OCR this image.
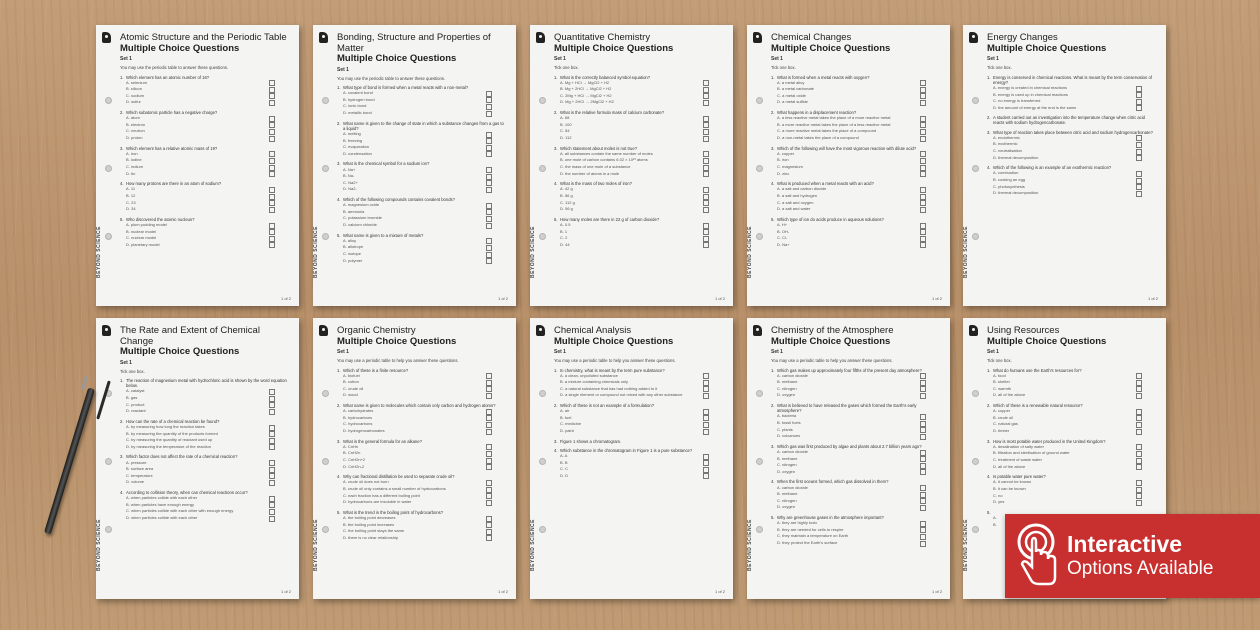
BEYOND SCIENCE
Atomic Structure and the Periodic Table
Multiple Choice Questions
Set 1
You may use the periodic table to answer these questions.
1. Which element has an atomic number of 16?
A. selenium
B. silicon
C. sodium
D. sulfur
2. Which subatomic particle has a negative charge?
A. atom
B. electron
C. neutron
D. proton
3. Which element has a relative atomic mass of 19?
A. iron
B. iodine
C. indium
D. tin
4. How many protons are there in an atom of sodium?
A. 11
B. 12
C. 23
D. 34
5. Who discovered the atomic nucleus?
A. plum pudding model
B. nuclear model
C. nuclear model
D. planetary model
1 of 2
BEYOND SCIENCE
Bonding, Structure and Properties of Matter
Multiple Choice Questions
Set 1
You may use the periodic table to answer these questions.
1. What type of bond is formed when a metal reacts with a non-metal?
A. covalent bond
B. hydrogen bond
C. ionic bond
D. metallic bond
2. What name is given to the change of state in which a substance changes from a gas to a liquid?
A. melting
B. freezing
C. evaporation
D. condensation
3. What is the chemical symbol for a sodium ion?
A. Na+
B. Na-
C. Na2+
D. Na2-
4. Which of the following compounds contains covalent bonds?
A. magnesium oxide
B. ammonia
C. potassium bromide
D. calcium chloride
5. What name is given to a mixture of metals?
A. alloy
B. allotrope
C. isotope
D. polymer
1 of 2
BEYOND SCIENCE
Quantitative Chemistry
Multiple Choice Questions
Set 1
Tick one box.
1. What is the correctly balanced symbol equation?
A. Mg + HCl → MgCl2 + H2
B. Mg + 2HCl → MgCl2 + H2
C. 2Mg + HCl → MgCl2 + H2
D. Mg + 2HCl → 2MgCl2 + H2
2. What is the relative formula mass of calcium carbonate?
A. 68
B. 100
C. 84
D. 112
3. Which statement about moles is not true?
A. all substances contain the same number of moles
B. one mole of carbon contains 6.02 × 10²³ atoms
C. the mass of one mole of a substance
D. the number of atoms in a mole
4. What is the mass of two moles of iron?
A. 42 g
B. 56 g
C. 112 g
D. 56 g
5. How many moles are there in 22 g of carbon dioxide?
A. 0.5
B. 1
C. 2
D. 44
1 of 2
BEYOND SCIENCE
Chemical Changes
Multiple Choice Questions
Set 1
Tick one box.
1. What is formed when a metal reacts with oxygen?
A. a metal alloy
B. a metal carbonate
C. a metal oxide
D. a metal sulfide
2. What happens in a displacement reaction?
A. a less reactive metal takes the place of a more reactive metal
B. a more reactive metal takes the place of a less reactive metal
C. a more reactive metal takes the place of a compound
D. a non-metal takes the place of a compound
3. Which of the following will have the most vigorous reaction with dilute acid?
A. copper
B. iron
C. magnesium
D. zinc
4. What is produced when a metal reacts with an acid?
A. a salt and carbon dioxide
B. a salt and hydrogen
C. a salt and oxygen
D. a salt and water
5. Which type of ion do acids produce in aqueous solutions?
A. H+
B. OH-
C. Cl-
D. Na+
1 of 2
BEYOND SCIENCE
Energy Changes
Multiple Choice Questions
Set 1
Tick one box.
1. Energy is conserved in chemical reactions. What is meant by the term conservation of energy?
A. energy is created in chemical reactions
B. energy is used up in chemical reactions
C. no energy is transferred
D. the amount of energy at the end is the same
2. A student carried out an investigation into the temperature change when citric acid reacts with sodium hydrogencarbonate.
3. What type of reaction takes place between citric acid and sodium hydrogencarbonate?
A. endothermic
B. exothermic
C. neutralisation
D. thermal decomposition
4. Which of the following is an example of an exothermic reaction?
A. combustion
B. cooking an egg
C. photosynthesis
D. thermal decomposition
1 of 2
BEYOND SCIENCE
The Rate and Extent of Chemical Change
Multiple Choice Questions
Set 1
Tick one box.
1. The reaction of magnesium metal with hydrochloric acid is shown by the word equation below.
A. catalyst
B. gas
C. product
D. reactant
2. How can the rate of a chemical reaction be found?
A. by measuring how long the reaction takes
B. by measuring the quantity of the products formed
C. by measuring the quantity of reactant used up
D. by measuring the temperature of the reaction
3. Which factor does not affect the rate of a chemical reaction?
A. pressure
B. surface area
C. temperature
D. volume
4. According to collision theory, when can chemical reactions occur?
A. when particles collide with each other
B. when particles have enough energy
C. when particles collide with each other with enough energy
D. when particles collide with each other
1 of 2
BEYOND SCIENCE
Organic Chemistry
Multiple Choice Questions
Set 1
You may use a periodic table to help you answer these questions.
1. Which of these is a finite resource?
A. biofuel
B. cotton
C. crude oil
D. wood
2. What name is given to molecules which contain only carbon and hydrogen atoms?
A. carbohydrates
B. hydrocarbons
C. hydrocarbons
D. hydrogencarbonates
3. What is the general formula for an alkane?
A. CnHn
B. CnH2n
C. CnH2n+2
D. CnH2n-2
4. Why can fractional distillation be used to separate crude oil?
A. crude oil does not burn
B. crude oil only contains a small number of hydrocarbons
C. each fraction has a different boiling point
D. hydrocarbons are insoluble in water
5. What is the trend in the boiling point of hydrocarbons?
A. the boiling point decreases
B. the boiling point increases
C. the boiling point stays the same
D. there is no clear relationship
1 of 2
BEYOND SCIENCE
Chemical Analysis
Multiple Choice Questions
Set 1
You may use a periodic table to help you answer these questions.
1. In chemistry, what is meant by the term pure substance?
A. a clean, unpolluted substance
B. a mixture containing chemicals only
C. a natural substance that has had nothing added to it
D. a single element or compound not mixed with any other substance
2. Which of these is not an example of a formulation?
A. air
B. fuel
C. medicine
D. paint
3. Figure 1 shows a chromatogram.
4. Which substance in the chromatogram in Figure 1 is a pure substance?
A. A
B. B
C. C
D. D
1 of 2
BEYOND SCIENCE
Chemistry of the Atmosphere
Multiple Choice Questions
Set 1
You may use a periodic table to help you answer these questions.
1. Which gas makes up approximately four fifths of the present day atmosphere?
A. carbon dioxide
B. methane
C. nitrogen
D. oxygen
2. What is believed to have released the gases which formed the Earth's early atmosphere?
A. bacteria
B. fossil fuels
C. plants
D. volcanoes
3. Which gas was first produced by algae and plants about 2.7 billion years ago?
A. carbon dioxide
B. methane
C. nitrogen
D. oxygen
4. When the first oceans formed, which gas dissolved in them?
A. carbon dioxide
B. methane
C. nitrogen
D. oxygen
5. Why are greenhouse gases in the atmosphere important?
A. they are highly toxic
B. they are needed for cells to respire
C. they maintain a temperature on Earth
D. they protect the Earth's surface
1 of 2
BEYOND SCIENCE
Using Resources
Multiple Choice Questions
Set 1
Tick one box.
1. What do humans use the Earth's resources for?
A. food
B. shelter
C. warmth
D. all of the above
2. Which of these is a renewable natural resource?
A. copper
B. crude oil
C. natural gas
D. timber
3. How is most potable water produced in the United Kingdom?
A. desalination of salty water
B. filtration and sterilisation of ground water
C. treatment of waste water
D. all of the above
4. Is potable water pure water?
A. it cannot be known
B. it can be known
C. no
D. yes
5.
A.
B.
Interactive
Options Available
